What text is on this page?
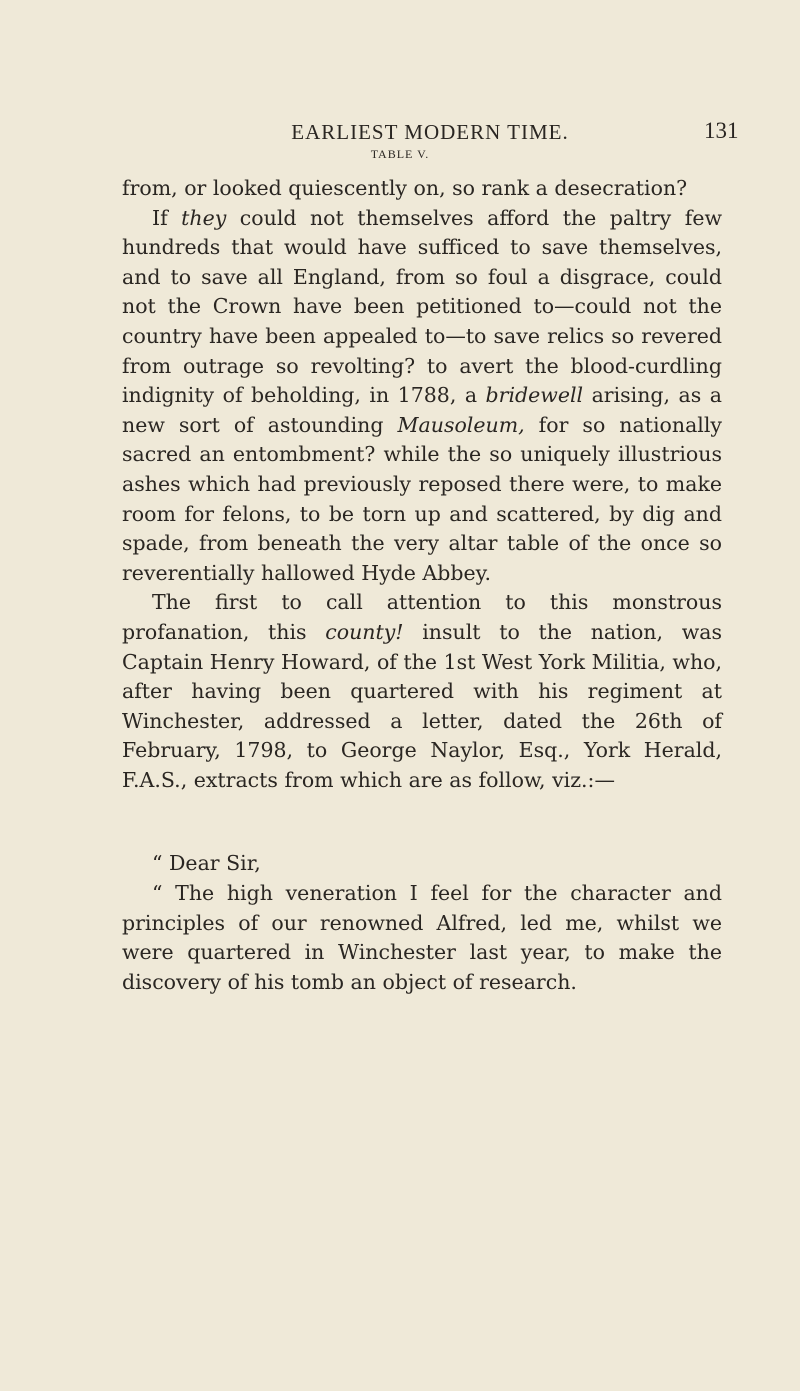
EARLIEST MODERN TIME.	131
TABLE V.

from, or looked quiescently on, so rank a desecration?

If they could not themselves afford the paltry few hundreds that would have sufficed to save themselves, and to save all England, from so foul a disgrace, could not the Crown have been petitioned to—could not the country have been appealed to—to save relics so revered from outrage so revolting? to avert the blood-curdling indignity of beholding, in 1788, a bridewell arising, as a new sort of astounding Mausoleum, for so nationally sacred an entombment? while the so uniquely illustrious ashes which had previously reposed there were, to make room for felons, to be torn up and scattered, by dig and spade, from beneath the very altar table of the once so reverentially hallowed Hyde Abbey.

The first to call attention to this monstrous profanation, this county! insult to the nation, was Captain Henry Howard, of the 1st West York Militia, who, after having been quartered with his regiment at Winchester, addressed a letter, dated the 26th of February, 1798, to George Naylor, Esq., York Herald, F.A.S., extracts from which are as follow, viz.:—

“ Dear Sir,

“ The high veneration I feel for the character and principles of our renowned Alfred, led me, whilst we were quartered in Winchester last year, to make the discovery of his tomb an object of research.
